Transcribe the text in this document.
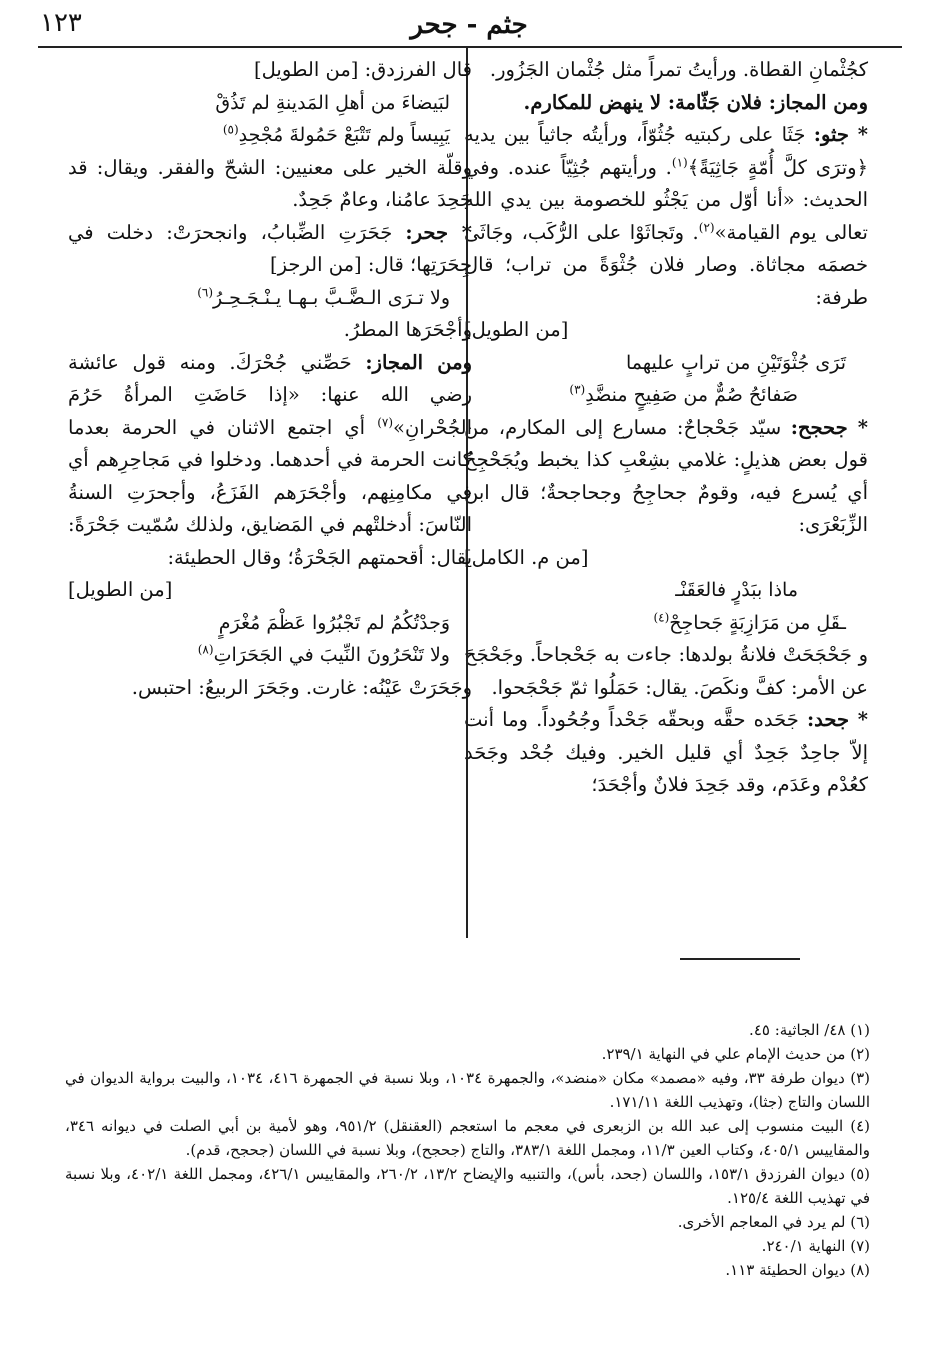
جثم - جحر
١٢٣

كجُثْمانِ القطاة. ورأيتُ تمراً مثل جُثْمان الجَزُور.

ومن المجاز: فلان جَثّامة: لا ينهض للمكارم.

* جثو: جَثَا على ركبتيه جُثُوّاً، ورأيتُه جاثياً بين يديه ﴿وترَى كلَّ أُمّةٍ جَاثِيَةً﴾$^{(١)}$. ورأيتهم جُثِيّاً عنده. وفي الحديث: «أنا أوّل من يَجْثُو للخصومة بين يدي الله تعالى يوم القيامة»$^{(٢)}$. وتَجاثَوْا على الرُّكَب، وجَاثَى خصمَه مجاثاة. وصار فلان جُثْوَةً من تراب؛ قال طرفة:
[من الطويل]
تَرَى جُثْوَتَيْنِ من ترابٍ عليهما
صَفائحُ صُمٌّ من صَفِيحٍ منضَّدِ$^{(٣)}$

* جحجح: سيّد جَحْجاحٌ: مسارع إلى المكارم، من قول بعض هذيلٍ: غلامي بشِعْبِ كذا يخبط ويُجَحْجِحُ أي يُسرع فيه، وقومٌ جحاجِحُ وجحاجحةٌ؛ قال ابن الزِّبَعْرَى:
[من م. الكامل]
ماذا ببَدْرٍ فالعَقَنْـ
ـقَلِ من مَرَازِبَةٍ جَحاجِحْ$^{(٤)}$

و جَحْجَحَتْ فلانةُ بولدها: جاءت به جَحْجاحاً. وجَحْجَحَ عن الأمر: كفَّ ونكَصَ. يقال: حَمَلُوا ثمّ جَحْجَحوا.

* جحد: جَحَده حقَّه وبحقّه جَحْداً وجُحُوداً. وما أنت إلاّ جاحِدٌ جَحِدٌ أي قليل الخير. وفيك جُحْد وجَحَد كعُدْم وعَدَم، وقد جَحِدَ فلانٌ وأجْحَدَ؛

قال الفرزدق: [من الطويل]
لبَيضاءَ من أهلِ المَدينةِ لم تَذُقْ
يَبِيساً ولم تَتْبَعْ حَمُولةَ مُجْحِدِ$^{(٥)}$

وقلّة الخير على معنيين: الشحّ والفقر. ويقال: قد جَحِدَ عامُنا، وعامٌ جَحِدٌ.

* جحر: جَحَرَتِ الضِّبابُ، وانجحرَتْ: دخلت في جِحَرَتِها؛ قال: [من الرجز]
ولا تـرَى الـضَّـبَّ بـهـا يـنْـجَـحِـرُ$^{(٦)}$
وأجْحَرَها المطرُ.

ومن المجاز: حَصِّني جُحْرَكَ. ومنه قول عائشة رضي الله عنها: «إذا حَاضَتِ المرأةُ حَرُمَ الجُحْرانِ»$^{(٧)}$ أي اجتمع الاثنان في الحرمة بعدما كانت الحرمة في أحدهما. ودخلوا في مَجاحِرِهم أي في مكامِنِهم، وأجْحَرَهم الفَزَعُ، وأجحرَتِ السنةُ النّاسَ: أدخلتْهم في المَضايق، ولذلك سُمّيت جَحْرَةً: يقال: أقحمتهم الجَحْرَةُ؛ وقال الحطيئة:
[من الطويل]
وَجدْتُكُمُ لم تَجْبُرُوا عَظْمَ مُغْرَمٍ
ولا تَنْحَرُونَ النِّيبَ في الجَحَرَاتِ$^{(٨)}$

وجَحَرَتْ عَيْنُه: غارت. وجَحَرَ الربيعُ: احتبس.

(١) ٤٨/ الجاثية: ٤٥.

(٢) من حديث الإمام علي في النهاية ٢٣٩/١.

(٣) ديوان طرفة ٣٣، وفيه «مصمد» مكان «منضد»، والجمهرة ١٠٣٤، وبلا نسبة في الجمهرة ٤١٦، ١٠٣٤، والبيت برواية الديوان في اللسان والتاج (جثا)، وتهذيب اللغة ١٧١/١١.

(٤) البيت منسوب إلى عبد الله بن الزبعرى في معجم ما استعجم (العقنقل) ٩٥١/٢، وهو لأمية بن أبي الصلت في ديوانه ٣٤٦، والمقاييس ٤٠٥/١، وكتاب العين ١١/٣، ومجمل اللغة ٣٨٣/١، والتاج (جحجح)، وبلا نسبة في اللسان (جحجح، قدم).

(٥) ديوان الفرزدق ١٥٣/١، واللسان (جحد، بأس)، والتنبيه والإيضاح ١٣/٢، ٢٦٠/٢، والمقاييس ٤٢٦/١، ومجمل اللغة ٤٠٢/١، وبلا نسبة في تهذيب اللغة ١٢٥/٤.

(٦) لم يرد في المعاجم الأخرى.

(٧) النهاية ٢٤٠/١.

(٨) ديوان الحطيئة ١١٣.
